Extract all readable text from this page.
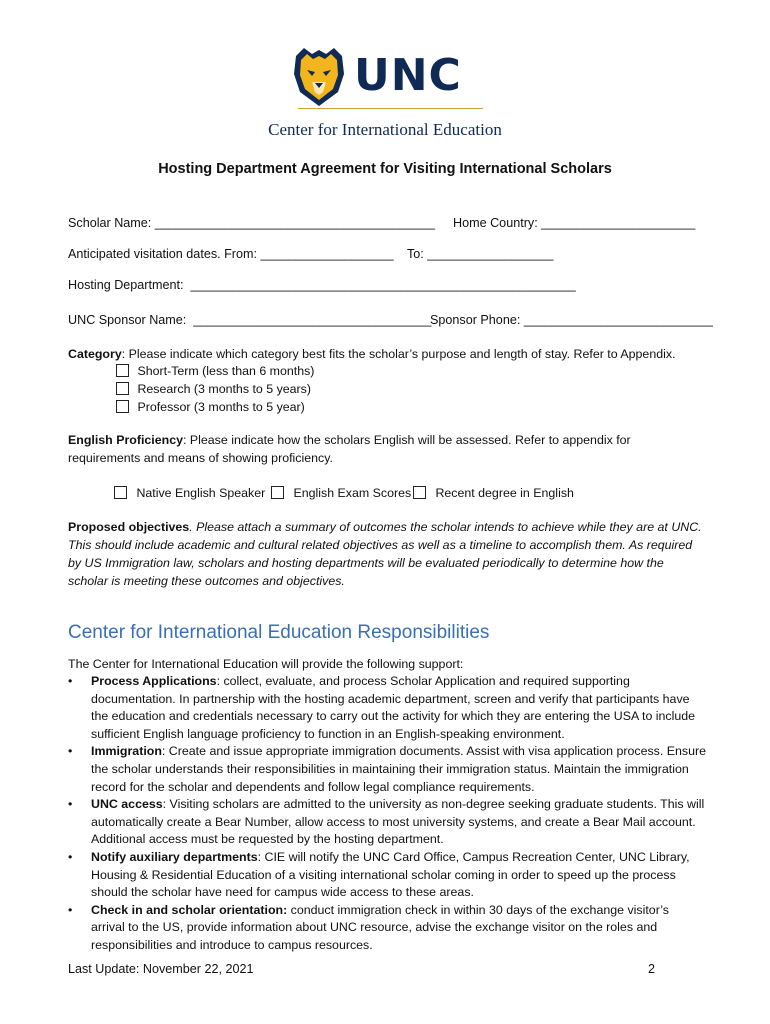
UNC
Center for International Education
Hosting Department Agreement for Visiting International Scholars
Scholar Name: ________________________________________ Home Country: ______________________
Anticipated visitation dates. From: ___________________ To: __________________
Hosting Department:  _______________________________________________________
UNC Sponsor Name:  __________________________________
Sponsor Phone: ___________________________
Category: Please indicate which category best fits the scholar’s purpose and length of stay. Refer to Appendix.
Short-Term (less than 6 months)
Research (3 months to 5 years)
Professor (3 months to 5 year)
English Proficiency: Please indicate how the scholars English will be assessed. Refer to appendix for requirements and means of showing proficiency.
Native English Speaker	English Exam Scores	Recent degree in English
Proposed objectives. Please attach a summary of outcomes the scholar intends to achieve while they are at UNC. This should include academic and cultural related objectives as well as a timeline to accomplish them. As required by US Immigration law, scholars and hosting departments will be evaluated periodically to determine how the scholar is meeting these outcomes and objectives.
Center for International Education Responsibilities
The Center for International Education will provide the following support:
• Process Applications: collect, evaluate, and process Scholar Application and required supporting documentation. In partnership with the hosting academic department, screen and verify that participants have the education and credentials necessary to carry out the activity for which they are entering the USA to include sufficient English language proficiency to function in an English-speaking environment.
• Immigration: Create and issue appropriate immigration documents. Assist with visa application process. Ensure the scholar understands their responsibilities in maintaining their immigration status. Maintain the immigration record for the scholar and dependents and follow legal compliance requirements.
• UNC access: Visiting scholars are admitted to the university as non-degree seeking graduate students. This will automatically create a Bear Number, allow access to most university systems, and create a Bear Mail account. Additional access must be requested by the hosting department.
• Notify auxiliary departments: CIE will notify the UNC Card Office, Campus Recreation Center, UNC Library, Housing & Residential Education of a visiting international scholar coming in order to speed up the process should the scholar have need for campus wide access to these areas.
• Check in and scholar orientation: conduct immigration check in within 30 days of the exchange visitor’s arrival to the US, provide information about UNC resource, advise the exchange visitor on the roles and responsibilities and introduce to campus resources.
Last Update: November 22, 2021	2
